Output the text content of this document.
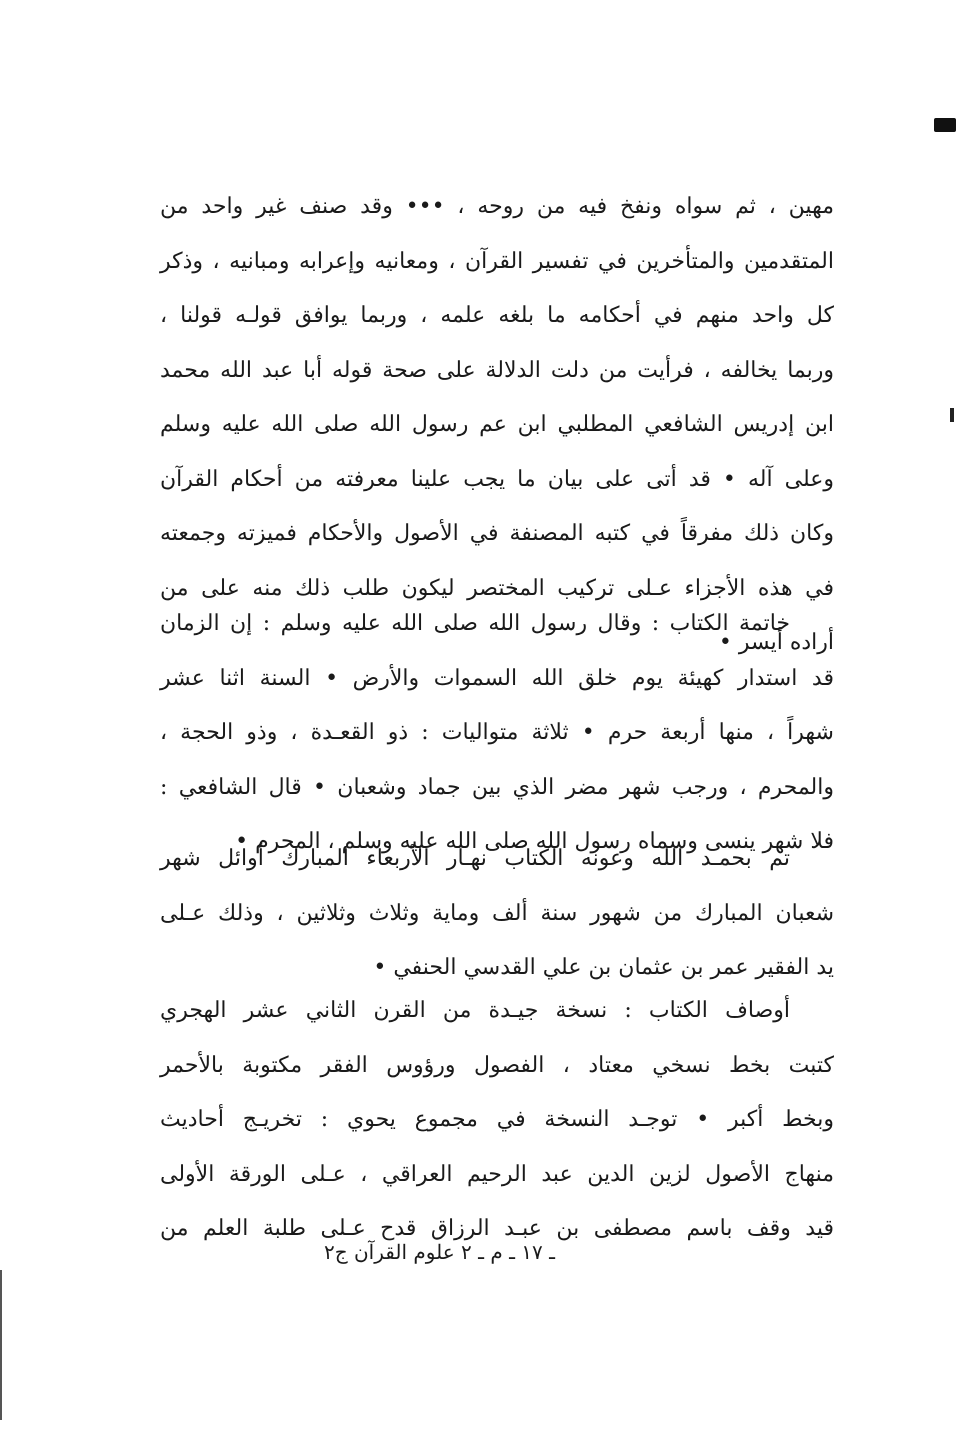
مهين ، ثم سواه ونفخ فيه من روحه ، ••• وقد صنف غير واحد من
المتقدمين والمتأخرين في تفسير القرآن ، ومعانيه وإعرابه ومبانيه ، وذكر
كل واحد منهم في أحكامه ما بلغه علمه ، وربما يوافق قولـه قولنا ،
وربما يخالفه ، فرأيت من دلت الدلالة على صحة قوله أبا عبد الله محمد
ابن إدريس الشافعي المطلبي ابن عم رسول الله صلى الله عليه وسلم
وعلى آله • قد أتى على بيان ما يجب علينا معرفته من أحكام القرآن
وكان ذلك مفرقاً في كتبه المصنفة في الأصول والأحكام فميزته وجمعته
في هذه الأجزاء عـلى تركيب المختصر ليكون طلب ذلك منه على من
أراده أيسر •
خاتمة الكتاب : وقال رسول الله صلى الله عليه وسلم : إن الزمان
قد استدار كهيئة يوم خلق الله السموات والأرض • السنة اثنا عشر
شهراً ، منها أربعة حرم • ثلاثة متواليات : ذو القعـدة ، وذو الحجة ،
والمحرم ، ورجب شهر مضر الذي بين جماد وشعبان • قال الشافعي :
فلا شهر ينسى وسماه رسول الله صلى الله عليه وسلم ، المحرم •
تم بحمـد الله وعونه الكتاب نهـار الأربعاء المبارك أوائل شهر
شعبان المبارك من شهور سنة ألف وماية وثلاث وثلاثين ، وذلك عـلى
يد الفقير عمر بن عثمان بن علي القدسي الحنفي •
أوصاف الكتاب : نسخة جيـدة من القرن الثاني عشر الهجري
كتبت بخط نسخي معتاد ، الفصول ورؤوس الفقر مكتوبة بالأحمر
وبخط أكبر • توجـد النسخة في مجموع يحوي : تخريـج أحاديث
منهاج الأصول لزين الدين عبد الرحيم العراقي ، عـلى الورقة الأولى
قيد وقف باسم مصطفى بن عبـد الرزاق قدح عـلى طلبة العلم من
ـ ١٧ ـ م ـ ٢ علوم القرآن ج٢
